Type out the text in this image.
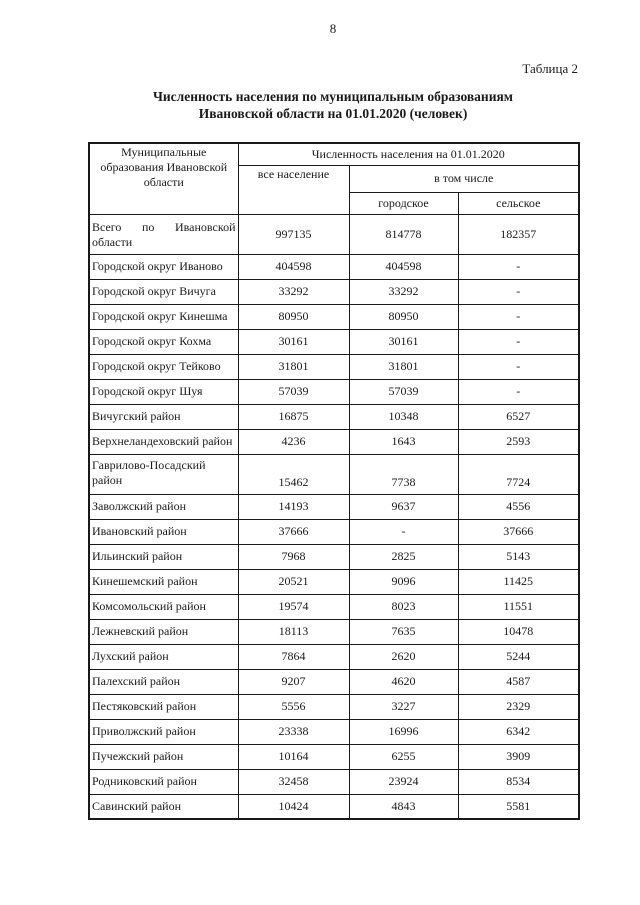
8
Таблица 2
Численность населения по муниципальным образованиям
Ивановской области на 01.01.2020 (человек)
Муниципальные образования Ивановской области	Численность населения на 01.01.2020		
	все население	в том числе	
		городское	сельское
Всего по Ивановской области	997135	814778	182357
Городской округ Иваново	404598	404598	-
Городской округ Вичуга	33292	33292	-
Городской округ Кинешма	80950	80950	-
Городской округ Кохма	30161	30161	-
Городской округ Тейково	31801	31801	-
Городской округ Шуя	57039	57039	-
Вичугский район	16875	10348	6527
Верхнеландеховский район	4236	1643	2593
Гаврилово-Посадский район	15462	7738	7724
Заволжский район	14193	9637	4556
Ивановский район	37666	-	37666
Ильинский район	7968	2825	5143
Кинешемский район	20521	9096	11425
Комсомольский район	19574	8023	11551
Лежневский район	18113	7635	10478
Лухский район	7864	2620	5244
Палехский район	9207	4620	4587
Пестяковский район	5556	3227	2329
Приволжский район	23338	16996	6342
Пучежский район	10164	6255	3909
Родниковский район	32458	23924	8534
Савинский район	10424	4843	5581
